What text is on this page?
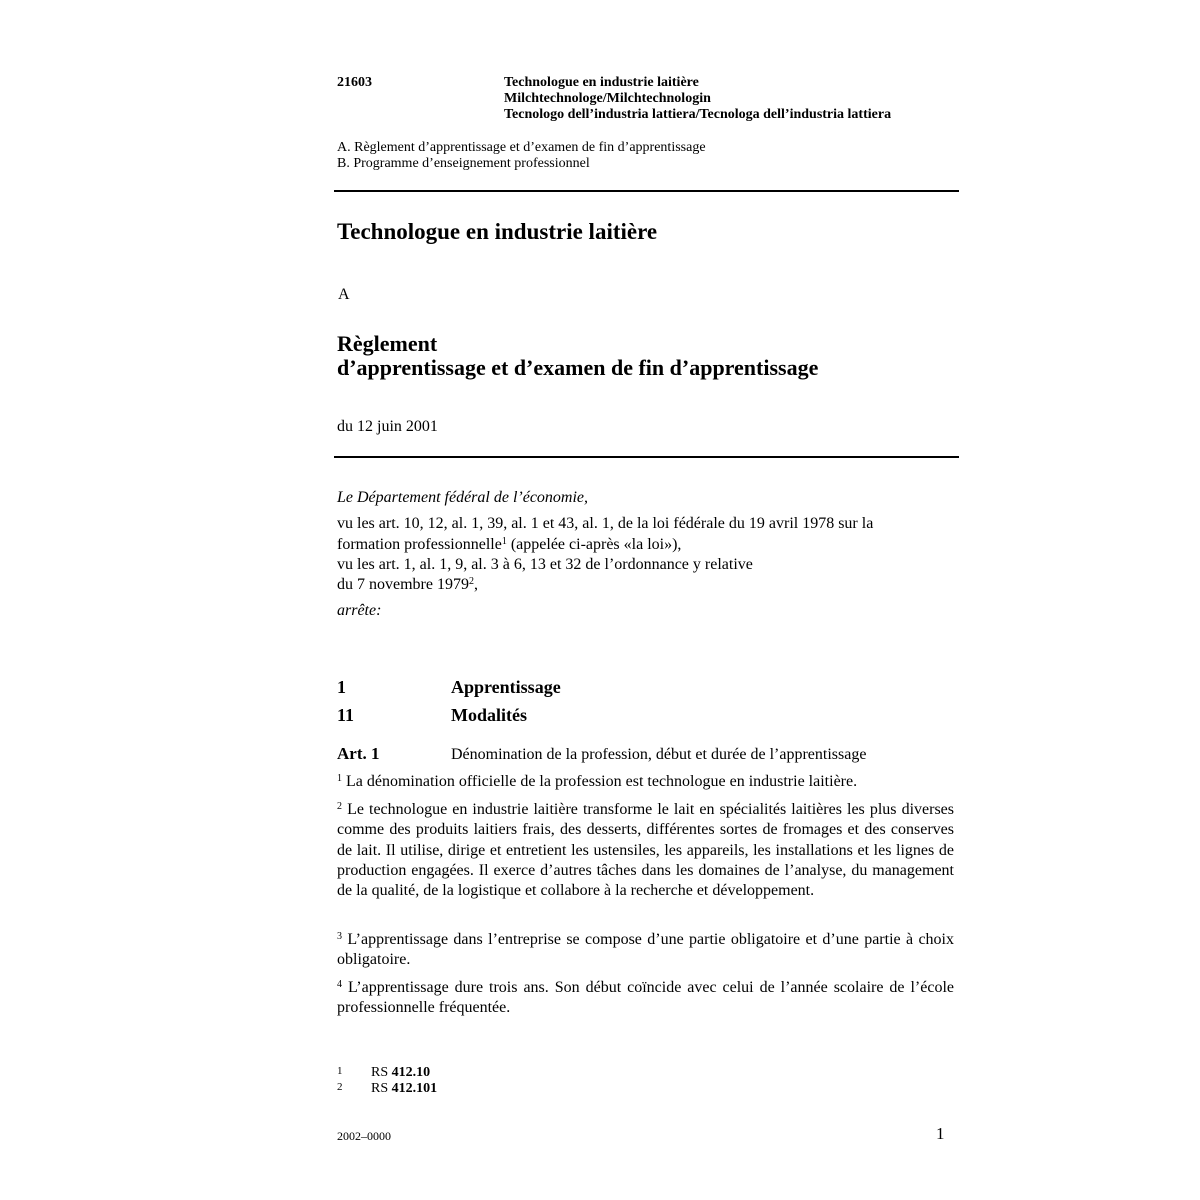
21603	Technologue en industrie laitière
Milchtechnologe/Milchtechnologin
Tecnologo dell’industria lattiera/Tecnologa dell’industria lattiera
A. Règlement d’apprentissage et d’examen de fin d’apprentissage
B. Programme d’enseignement professionnel
Technologue en industrie laitière
A
Règlement
d’apprentissage et d’examen de fin d’apprentissage
du 12 juin 2001
Le Département fédéral de l’économie,
vu les art. 10, 12, al. 1, 39, al. 1 et 43, al. 1, de la loi fédérale du 19 avril 1978 sur la
formation professionnelle$^1$ (appelée ci-après «la loi»),
vu les art. 1, al. 1, 9, al. 3 à 6, 13 et 32 de l’ordonnance y relative
du 7 novembre 1979$^2$,
arrête:
1	Apprentissage
11	Modalités
Art. 1	Dénomination de la profession, début et durée de l’apprentissage
$^1$ La dénomination officielle de la profession est technologue en industrie laitière.
$^2$ Le technologue en industrie laitière transforme le lait en spécialités laitières les plus diverses comme des produits laitiers frais, des desserts, différentes sortes de fromages et des conserves de lait. Il utilise, dirige et entretient les ustensiles, les appareils, les installations et les lignes de production engagées. Il exerce d’autres tâches dans les domaines de l’analyse, du management de la qualité, de la logistique et collabore à la recherche et développement.
$^3$ L’apprentissage dans l’entreprise se compose d’une partie obligatoire et d’une partie à choix obligatoire.
$^4$ L’apprentissage dure trois ans. Son début coïncide avec celui de l’année scolaire de l’école professionnelle fréquentée.
1 RS 412.10
2 RS 412.101
2002–0000	1
